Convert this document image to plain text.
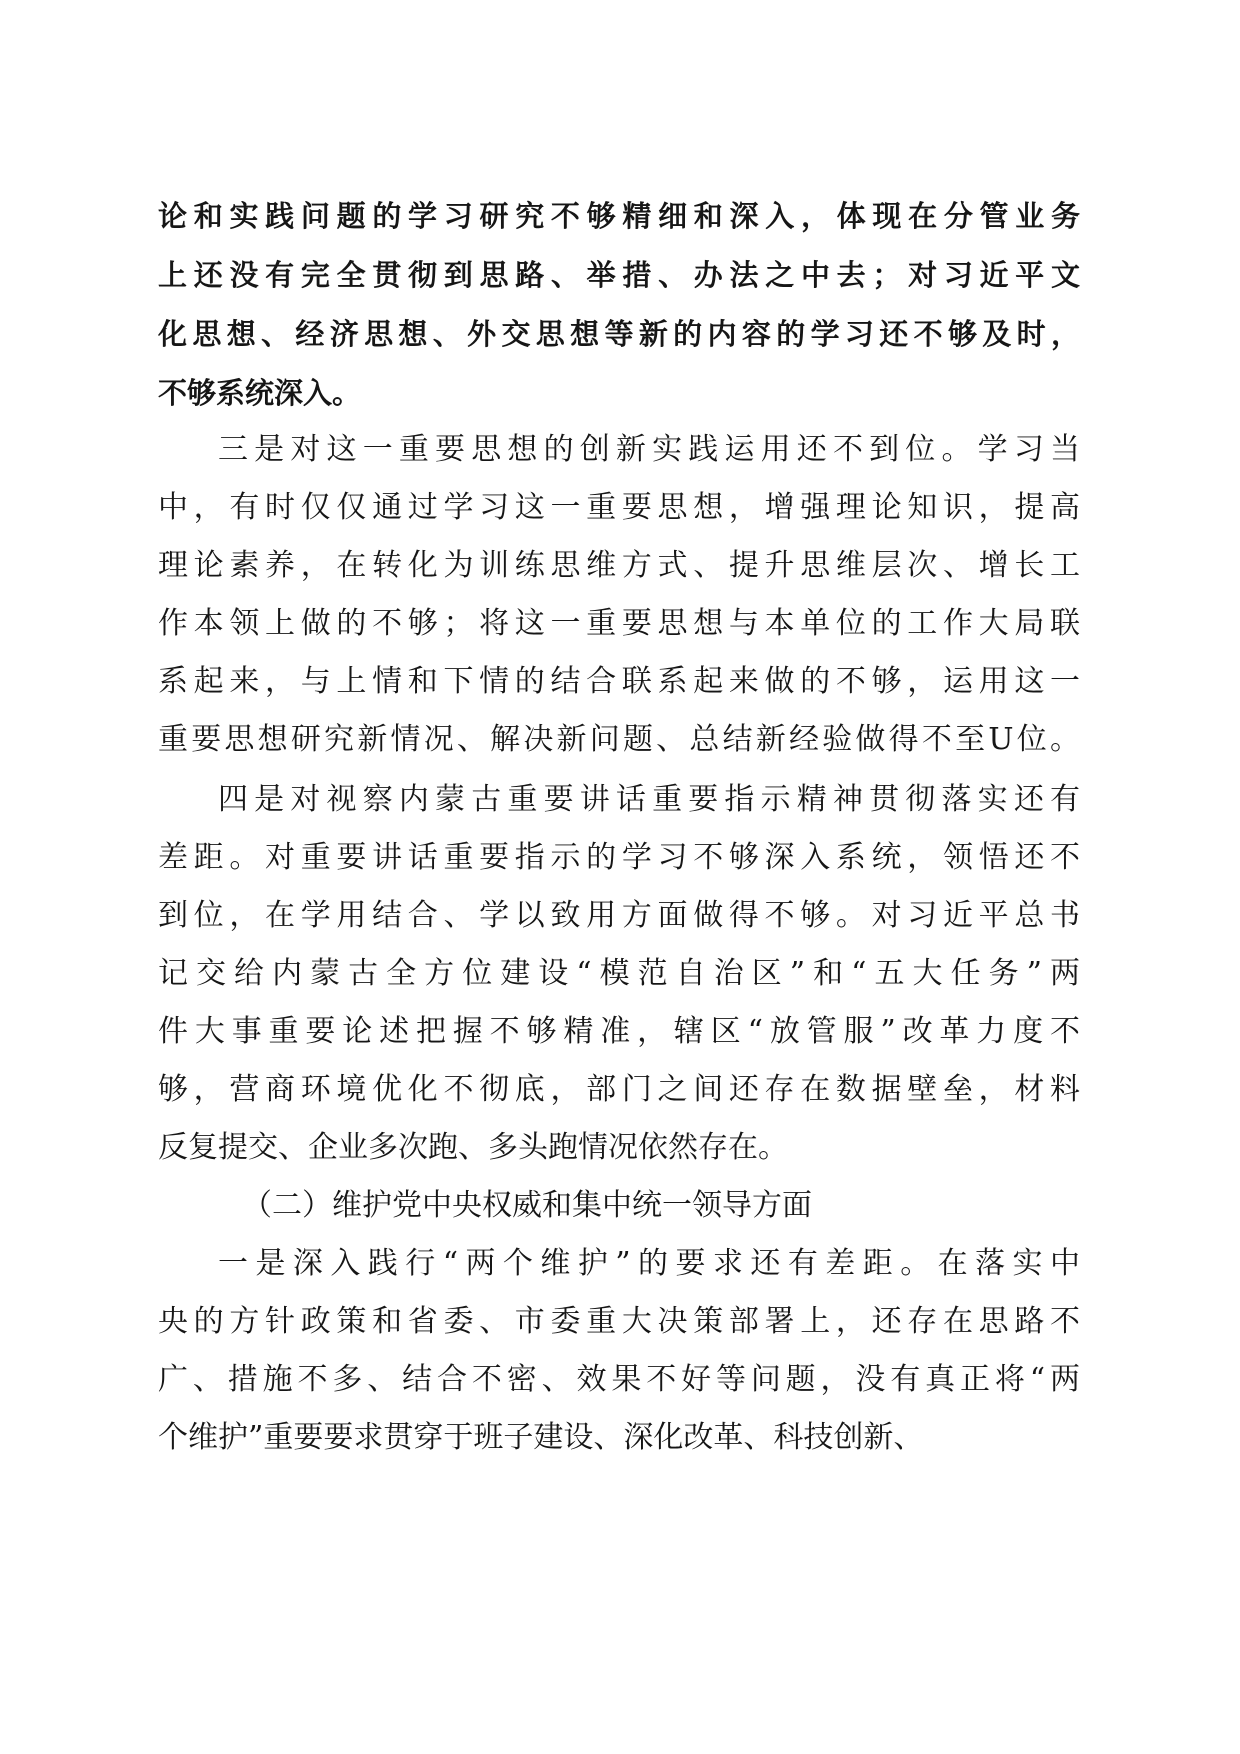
论和实践问题的学习研究不够精细和深入，体现在分管业务
上还没有完全贯彻到思路、举措、办法之中去；对习近平文
化思想、经济思想、外交思想等新的内容的学习还不够及时，
不够系统深入。
三是对这一重要思想的创新实践运用还不到位。学习当
中，有时仅仅通过学习这一重要思想，增强理论知识，提高
理论素养，在转化为训练思维方式、提升思维层次、增长工
作本领上做的不够；将这一重要思想与本单位的工作大局联
系起来，与上情和下情的结合联系起来做的不够，运用这一
重要思想研究新情况、解决新问题、总结新经验做得不至U位。
四是对视察内蒙古重要讲话重要指示精神贯彻落实还有
差距。对重要讲话重要指示的学习不够深入系统，领悟还不
到位，在学用结合、学以致用方面做得不够。对习近平总书
记交给内蒙古全方位建设“模范自治区”和“五大任务”两
件大事重要论述把握不够精准，辖区“放管服”改革力度不
够，营商环境优化不彻底，部门之间还存在数据壁垒，材料
反复提交、企业多次跑、多头跑情况依然存在。
（二）维护党中央权威和集中统一领导方面
一是深入践行“两个维护”的要求还有差距。在落实中
央的方针政策和省委、市委重大决策部署上，还存在思路不
广、措施不多、结合不密、效果不好等问题，没有真正将“两
个维护”重要要求贯穿于班子建设、深化改革、科技创新、
